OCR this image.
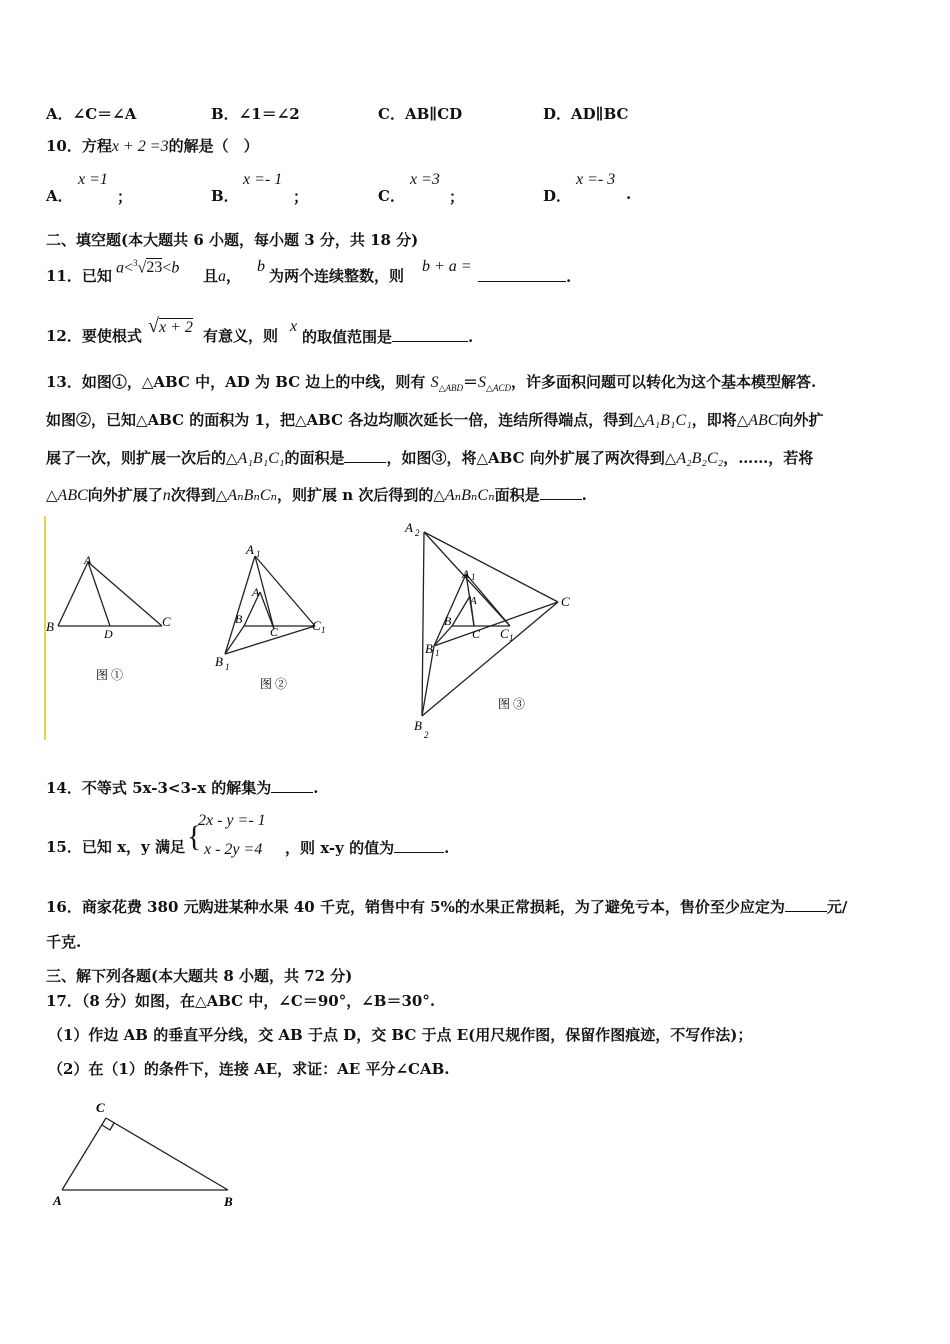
A．∠C＝∠A	B．∠1＝∠2	C．AB∥CD	D．AD∥BC
10．方程x + 2 =3的解是（　）
A．
x =1
；	B．
x =- 1
；	C．
x =3
；	D．
x =- 3
.
二、填空题(本大题共 6 小题，每小题 3 分，共 18 分)
11．已知 a<$^3$√23<b 且a，
b
为两个连续整数，则
b + a =
.
12．要使根式 √x + 2 有意义，则
x
的取值范围是	.
13．如图①，△ABC 中，AD 为 BC 边上的中线，则有 $S_{\triangle ABD}=S_{\triangle ACD}$，许多面积问题可以转化为这个基本模型解答.
如图②，已知△ABC 的面积为 1，把△ABC 各边均顺次延长一倍，连结所得端点，得到△A₁B₁C₁，即将△ABC向外扩
展了一次，则扩展一次后的△A₁B₁C₁的面积是	，如图③，将△ABC 向外扩展了两次得到△A₂B₂C₂，……，若将
△ABC向外扩展了n次得到△AₙBₙCₙ，则扩展 n 次后得到的△AₙBₙCₙ面积是	.
A
B	C
D
图 ①
A 1
A
B
C
B 1
C 1
图 ②
A 2
A 1
A
B
C C 1
C
B 1
B
2
图 ③
14．不等式 5x-3<3-x 的解集为	.
15．已知 x，y 满足 {
2x - y =- 1
x - 2y =4 ，则 x-y 的值为	.
16．商家花费 380 元购进某种水果 40 千克，销售中有 5%的水果正常损耗，为了避免亏本，售价至少应定为	元/
千克.
三、解下列各题(本大题共 8 小题，共 72 分)
17．（8 分）如图，在△ABC 中，∠C＝90°，∠B＝30°.
（1）作边 AB 的垂直平分线，交 AB 于点 D，交 BC 于点 E(用尺规作图，保留作图痕迹，不写作法)；
（2）在（1）的条件下，连接 AE，求证：AE 平分∠CAB.
C
A	B
